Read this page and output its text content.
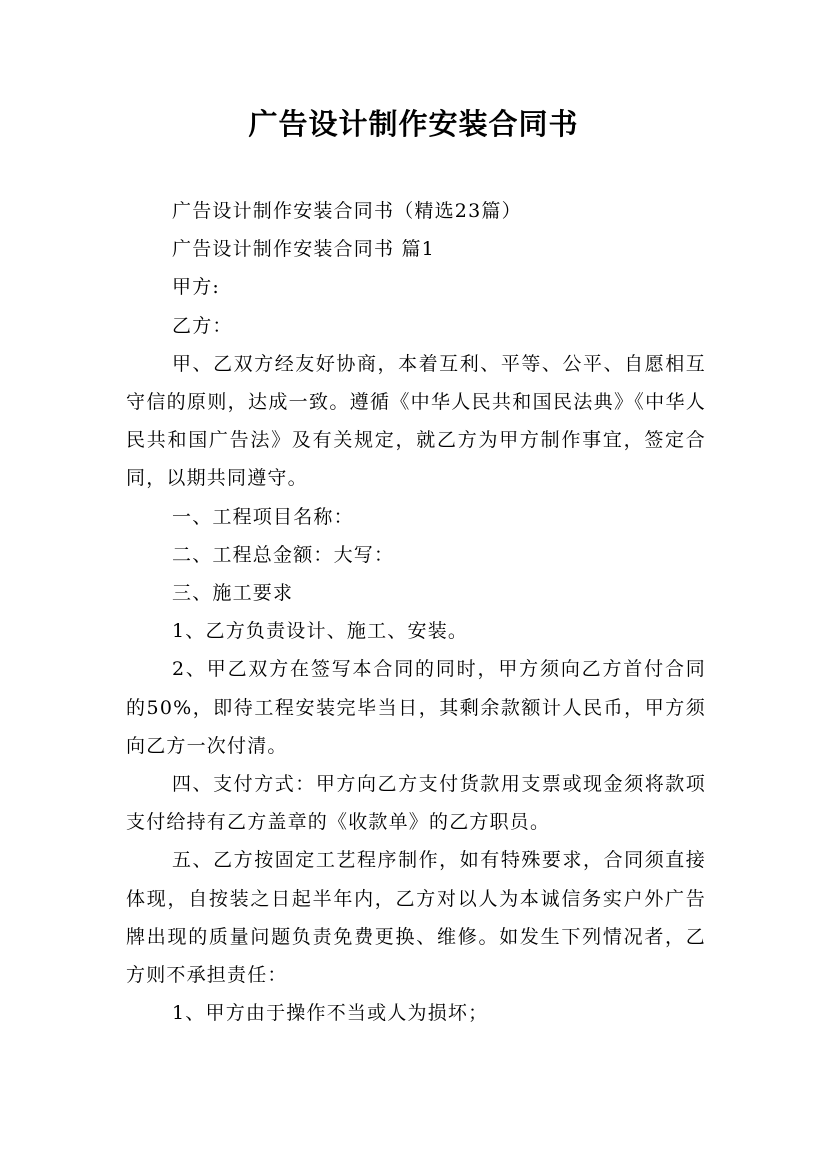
广告设计制作安装合同书

广告设计制作安装合同书（精选23篇）

广告设计制作安装合同书 篇1

甲方:

乙方：

甲、乙双方经友好协商，本着互利、平等、公平、自愿相互守信的原则，达成一致。遵循《中华人民共和国民法典》《中华人民共和国广告法》及有关规定，就乙方为甲方制作事宜，签定合同，以期共同遵守。

一、工程项目名称：

二、工程总金额：大写：

三、施工要求

1、乙方负责设计、施工、安装。

2、甲乙双方在签写本合同的同时，甲方须向乙方首付合同的50%，即待工程安装完毕当日，其剩余款额计人民币，甲方须向乙方一次付清。

四、支付方式：甲方向乙方支付货款用支票或现金须将款项支付给持有乙方盖章的《收款单》的乙方职员。

五、乙方按固定工艺程序制作，如有特殊要求，合同须直接体现，自按装之日起半年内，乙方对以人为本诚信务实户外广告牌出现的质量问题负责免费更换、维修。如发生下列情况者，乙方则不承担责任：

1、甲方由于操作不当或人为损坏；
